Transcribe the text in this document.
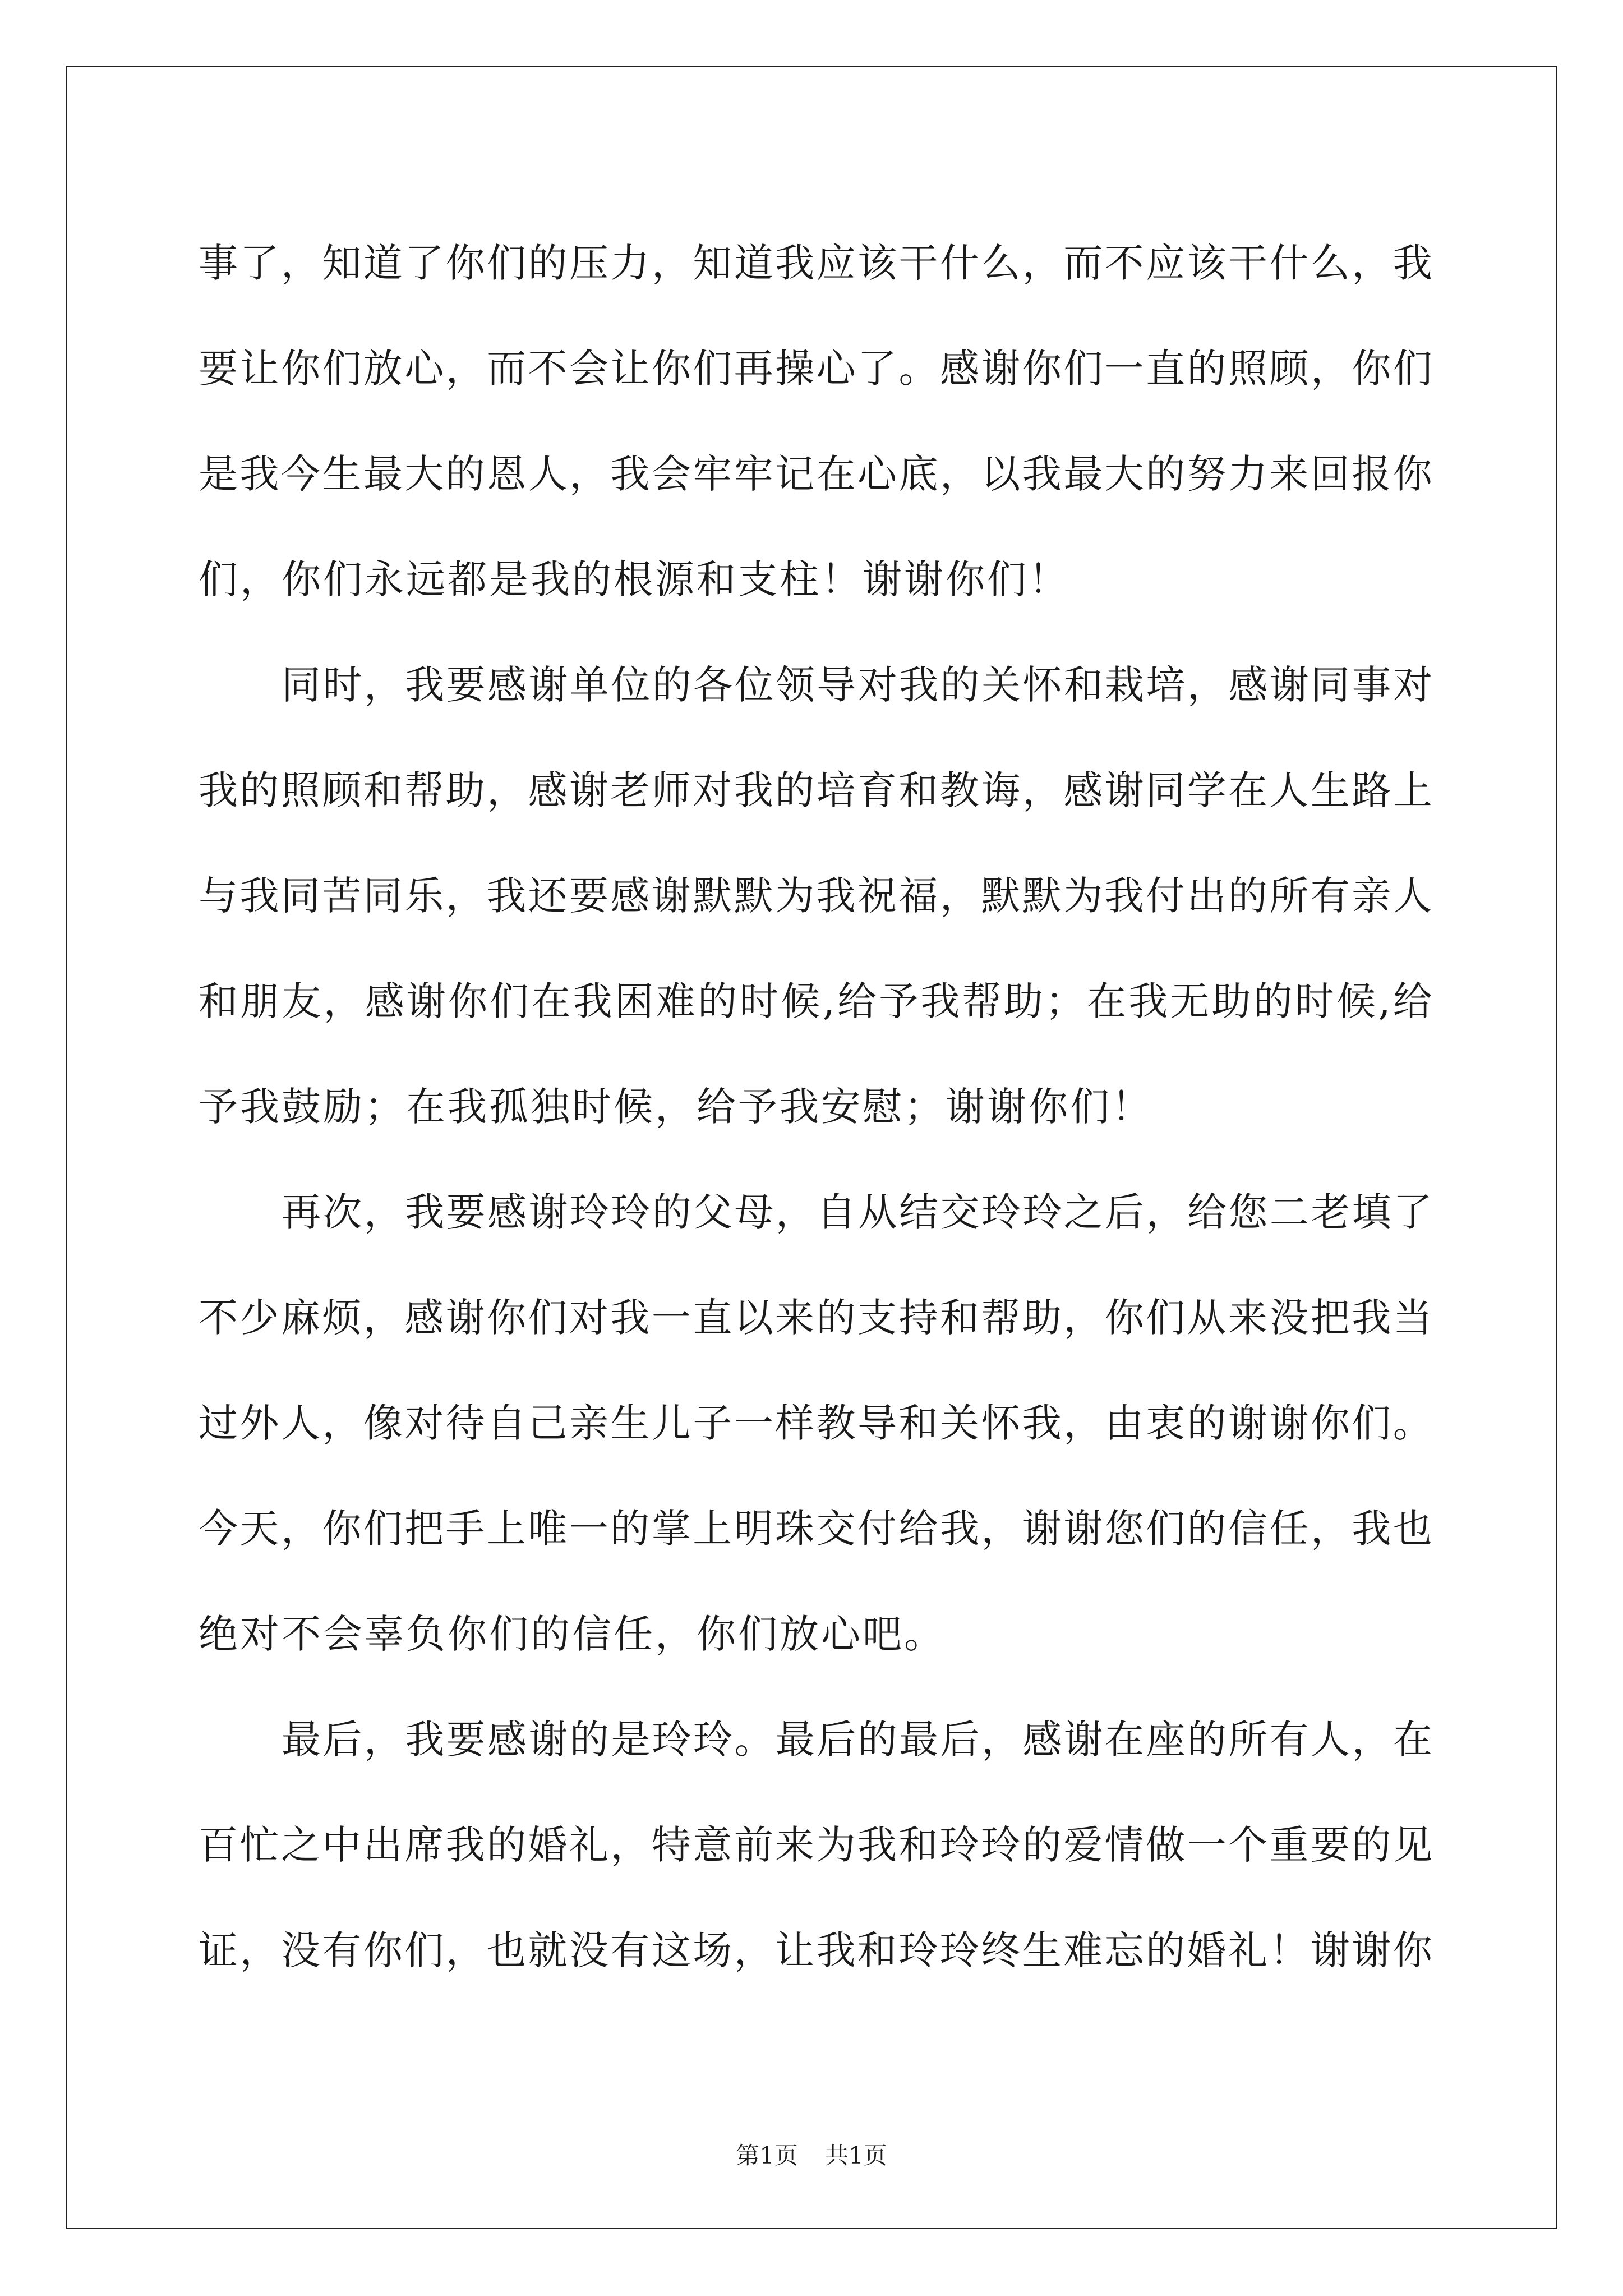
事 了 ， 知 道 了 你 们 的 压 力 ， 知 道 我 应 该 干 什 么 ， 而 不 应 该 干 什 么 ， 我
要 让 你 们 放 心 ， 而 不 会 让 你 们 再 操 心 了 。 感 谢 你 们 一 直 的 照 顾 ， 你 们
是 我 今 生 最 大 的 恩 人 ， 我 会 牢 牢 记 在 心 底 ， 以 我 最 大 的 努 力 来 回 报 你
们 ， 你 们 永 远 都 是 我 的 根 源 和 支 柱 ！ 谢 谢 你 们 ！
同 时 ， 我 要 感 谢 单 位 的 各 位 领 导 对 我 的 关 怀 和 栽 培 ， 感 谢 同 事 对
我 的 照 顾 和 帮 助 ， 感 谢 老 师 对 我 的 培 育 和 教 诲 ， 感 谢 同 学 在 人 生 路 上
与 我 同 苦 同 乐 ， 我 还 要 感 谢 默 默 为 我 祝 福 ， 默 默 为 我 付 出 的 所 有 亲 人
和 朋 友 ， 感 谢 你 们 在 我 困 难 的 时 候 , 给 予 我 帮 助 ； 在 我 无 助 的 时 候 , 给
予 我 鼓 励 ； 在 我 孤 独 时 候 ， 给 予 我 安 慰 ； 谢 谢 你 们 ！
再 次 ， 我 要 感 谢 玲 玲 的 父 母 ， 自 从 结 交 玲 玲 之 后 ， 给 您 二 老 填 了
不 少 麻 烦 ， 感 谢 你 们 对 我 一 直 以 来 的 支 持 和 帮 助 ， 你 们 从 来 没 把 我 当
过 外 人 ， 像 对 待 自 己 亲 生 儿 子 一 样 教 导 和 关 怀 我 ， 由 衷 的 谢 谢 你 们 。
今 天 ， 你 们 把 手 上 唯 一 的 掌 上 明 珠 交 付 给 我 ， 谢 谢 您 们 的 信 任 ， 我 也
绝 对 不 会 辜 负 你 们 的 信 任 ， 你 们 放 心 吧 。
最 后 ， 我 要 感 谢 的 是 玲 玲 。 最 后 的 最 后 ， 感 谢 在 座 的 所 有 人 ， 在
百 忙 之 中 出 席 我 的 婚 礼 ， 特 意 前 来 为 我 和 玲 玲 的 爱 情 做 一 个 重 要 的 见
证 ， 没 有 你 们 ， 也 就 没 有 这 场 ， 让 我 和 玲 玲 终 生 难 忘 的 婚 礼 ！ 谢 谢 你
第1页 共1页
